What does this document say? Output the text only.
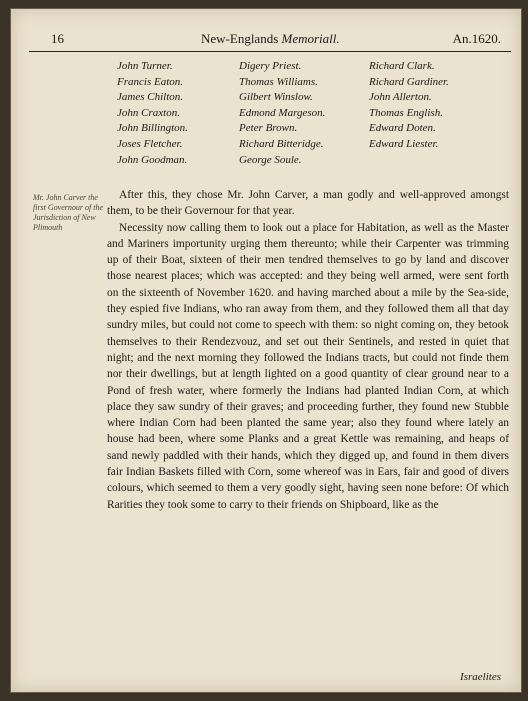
16	New-Englands Memoriall.	An.1620.
John Turner.
Francis Eaton.
James Chilton.
John Craxton.
John Billington.
Joses Fletcher.
John Goodman.
Digery Priest.
Thomas Williams.
Gilbert Winslow.
Edmond Margeson.
Peter Brown.
Richard Bitteridge.
George Soule.
Richard Clark.
Richard Gardiner.
John Allerton.
Thomas English.
Edward Doten.
Edward Liester.
Mr. John Carver the first Governour of the Jurisdiction of New Plimouth

After this, they chose Mr. John Carver, a man godly and well-approved amongst them, to be their Governour for that year.

Necessity now calling them to look out a place for Habitation, as well as the Master and Mariners importunity urging them thereunto; while their Carpenter was trimming up of their Boat, sixteen of their men tendred themselves to go by land and discover those nearest places; which was accepted: and they being well armed, were sent forth on the sixteenth of November 1620. and having marched about a mile by the Sea-side, they espied five Indians, who ran away from them, and they followed them all that day sundry miles, but could not come to speech with them: so night coming on, they betook themselves to their Rendezvouz, and set out their Sentinels, and rested in quiet that night; and the next morning they followed the Indians tracts, but could not finde them nor their dwellings, but at length lighted on a good quantity of clear ground near to a Pond of fresh water, where formerly the Indians had planted Indian Corn, at which place they saw sundry of their graves; and proceeding further, they found new Stubble where Indian Corn had been planted the same year; also they found where lately an house had been, where some Planks and a great Kettle was remaining, and heaps of sand newly paddled with their hands, which they digged up, and found in them divers fair Indian Baskets filled with Corn, some whereof was in Ears, fair and good of divers colours, which seemed to them a very goodly sight, having seen none before: Of which Rarities they took some to carry to their friends on Shipboard, like as the

Israelites
